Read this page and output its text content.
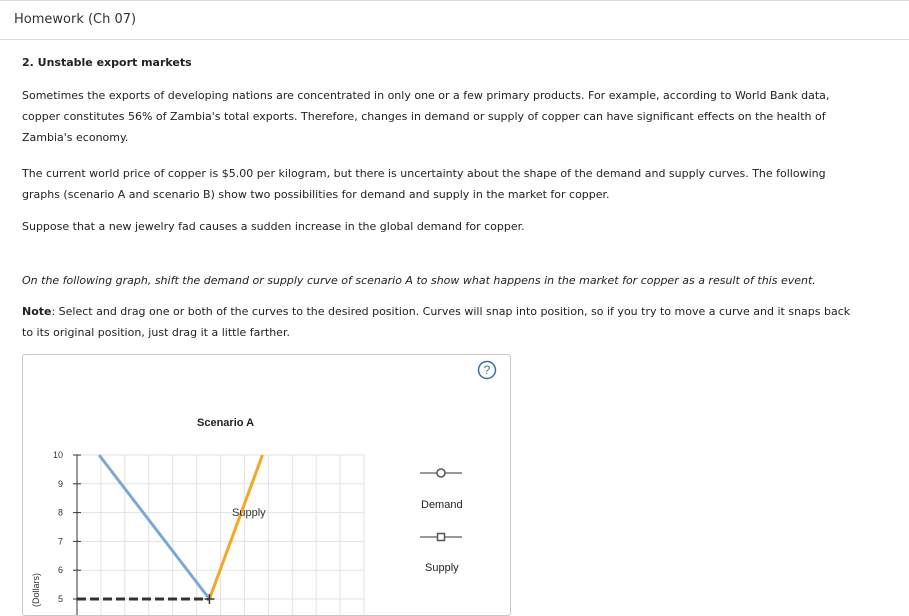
Homework (Ch 07)

2. Unstable export markets

Sometimes the exports of developing nations are concentrated in only one or a few primary products. For example, according to World Bank data, copper constitutes 56% of Zambia's total exports. Therefore, changes in demand or supply of copper can have significant effects on the health of Zambia's economy.

The current world price of copper is $5.00 per kilogram, but there is uncertainty about the shape of the demand and supply curves. The following graphs (scenario A and scenario B) show two possibilities for demand and supply in the market for copper.

Suppose that a new jewelry fad causes a sudden increase in the global demand for copper.

On the following graph, shift the demand or supply curve of scenario A to show what happens in the market for copper as a result of this event.

Note: Select and drag one or both of the curves to the desired position. Curves will snap into position, so if you try to move a curve and it snaps back to its original position, just drag it a little farther.

Scenario A
10
9
8
7
6
5
Supply
(Dollars)
Demand
Supply
?
